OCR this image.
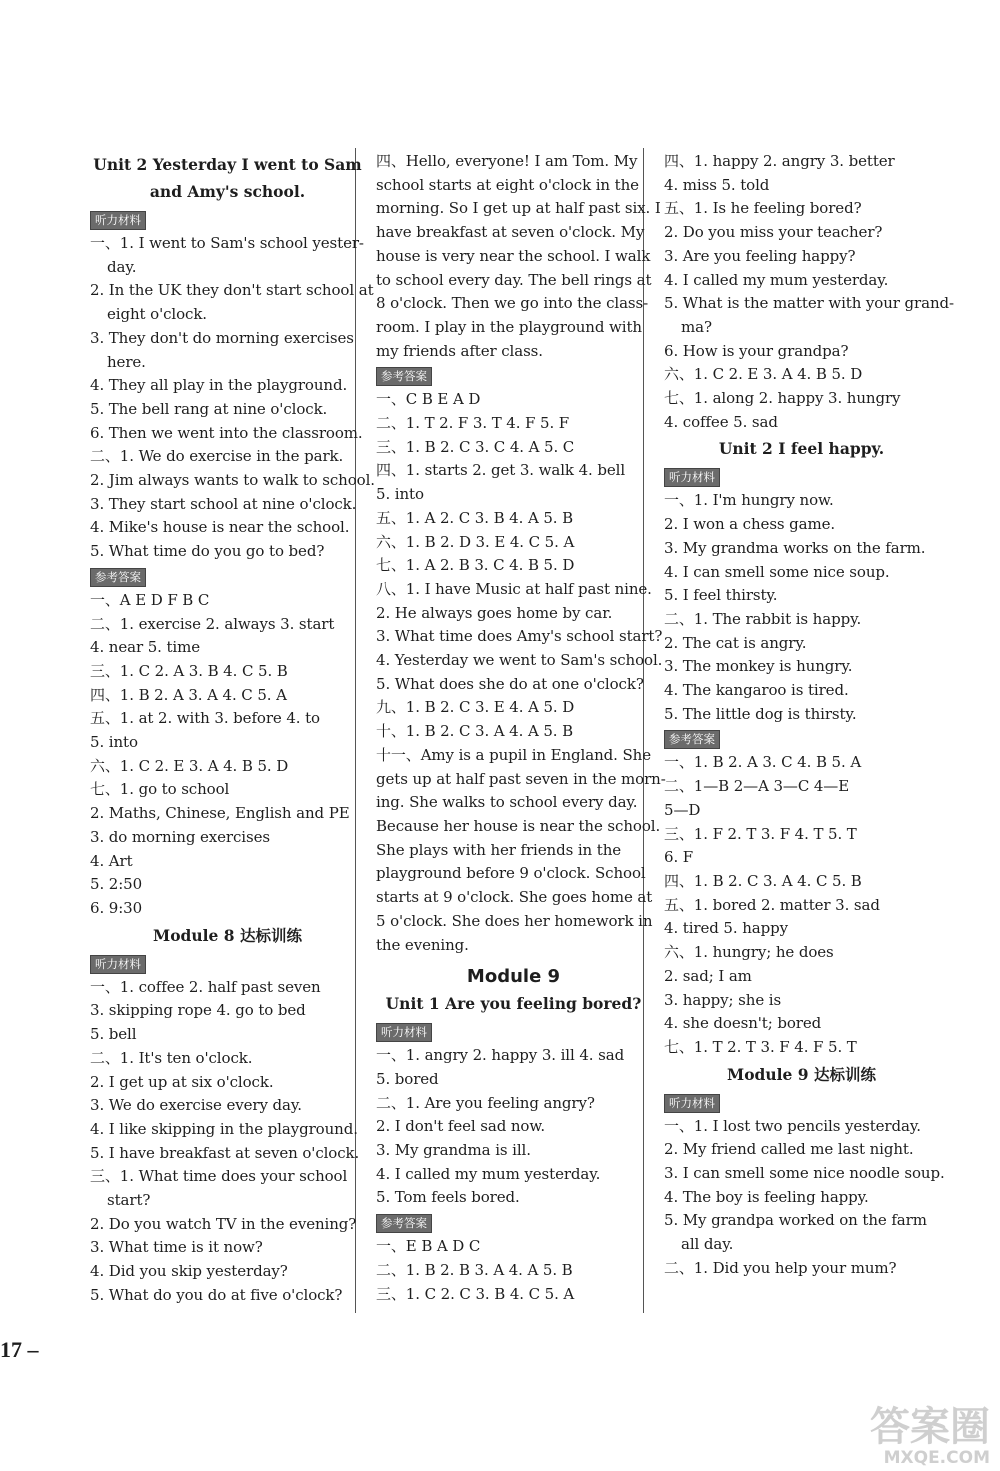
Unit 2 Yesterday I went to Sam
and Amy's school.
听力材料
一、1. I went to Sam's school yester-
day.
2. In the UK they don't start school at
eight o'clock.
3. They don't do morning exercises
here.
4. They all play in the playground.
5. The bell rang at nine o'clock.
6. Then we went into the classroom.
二、1. We do exercise in the park.
2. Jim always wants to walk to school.
3. They start school at nine o'clock.
4. Mike's house is near the school.
5. What time do you go to bed?
参考答案
一、A E D F B C
二、1. exercise 2. always 3. start
4. near 5. time
三、1. C 2. A 3. B 4. C 5. B
四、1. B 2. A 3. A 4. C 5. A
五、1. at 2. with 3. before 4. to
5. into
六、1. C 2. E 3. A 4. B 5. D
七、1. go to school
2. Maths, Chinese, English and PE
3. do morning exercises
4. Art
5. 2:50
6. 9:30
Module 8 达标训练
听力材料
一、1. coffee 2. half past seven
3. skipping rope 4. go to bed
5. bell
二、1. It's ten o'clock.
2. I get up at six o'clock.
3. We do exercise every day.
4. I like skipping in the playground.
5. I have breakfast at seven o'clock.
三、1. What time does your school
start?
2. Do you watch TV in the evening?
3. What time is it now?
4. Did you skip yesterday?
5. What do you do at five o'clock?
四、Hello, everyone! I am Tom. My
school starts at eight o'clock in the
morning. So I get up at half past six. I
have breakfast at seven o'clock. My
house is very near the school. I walk
to school every day. The bell rings at
8 o'clock. Then we go into the class-
room. I play in the playground with
my friends after class.
参考答案
一、C B E A D
二、1. T 2. F 3. T 4. F 5. F
三、1. B 2. C 3. C 4. A 5. C
四、1. starts 2. get 3. walk 4. bell
5. into
五、1. A 2. C 3. B 4. A 5. B
六、1. B 2. D 3. E 4. C 5. A
七、1. A 2. B 3. C 4. B 5. D
八、1. I have Music at half past nine.
2. He always goes home by car.
3. What time does Amy's school start?
4. Yesterday we went to Sam's school.
5. What does she do at one o'clock?
九、1. B 2. C 3. E 4. A 5. D
十、1. B 2. C 3. A 4. A 5. B
十一、Amy is a pupil in England. She
gets up at half past seven in the morn-
ing. She walks to school every day.
Because her house is near the school.
She plays with her friends in the
playground before 9 o'clock. School
starts at 9 o'clock. She goes home at
5 o'clock. She does her homework in
the evening.
Module 9
Unit 1 Are you feeling bored?
听力材料
一、1. angry 2. happy 3. ill 4. sad
5. bored
二、1. Are you feeling angry?
2. I don't feel sad now.
3. My grandma is ill.
4. I called my mum yesterday.
5. Tom feels bored.
参考答案
一、E B A D C
二、1. B 2. B 3. A 4. A 5. B
三、1. C 2. C 3. B 4. C 5. A
四、1. happy 2. angry 3. better
4. miss 5. told
五、1. Is he feeling bored?
2. Do you miss your teacher?
3. Are you feeling happy?
4. I called my mum yesterday.
5. What is the matter with your grand-
ma?
6. How is your grandpa?
六、1. C 2. E 3. A 4. B 5. D
七、1. along 2. happy 3. hungry
4. coffee 5. sad
Unit 2 I feel happy.
听力材料
一、1. I'm hungry now.
2. I won a chess game.
3. My grandma works on the farm.
4. I can smell some nice soup.
5. I feel thirsty.
二、1. The rabbit is happy.
2. The cat is angry.
3. The monkey is hungry.
4. The kangaroo is tired.
5. The little dog is thirsty.
参考答案
一、1. B 2. A 3. C 4. B 5. A
二、1—B 2—A 3—C 4—E
5—D
三、1. F 2. T 3. F 4. T 5. T
6. F
四、1. B 2. C 3. A 4. C 5. B
五、1. bored 2. matter 3. sad
4. tired 5. happy
六、1. hungry; he does
2. sad; I am
3. happy; she is
4. she doesn't; bored
七、1. T 2. T 3. F 4. F 5. T
Module 9 达标训练
听力材料
一、1. I lost two pencils yesterday.
2. My friend called me last night.
3. I can smell some nice noodle soup.
4. The boy is feeling happy.
5. My grandpa worked on the farm
all day.
二、1. Did you help your mum?
17 –
答案圈
MXQE.COM
